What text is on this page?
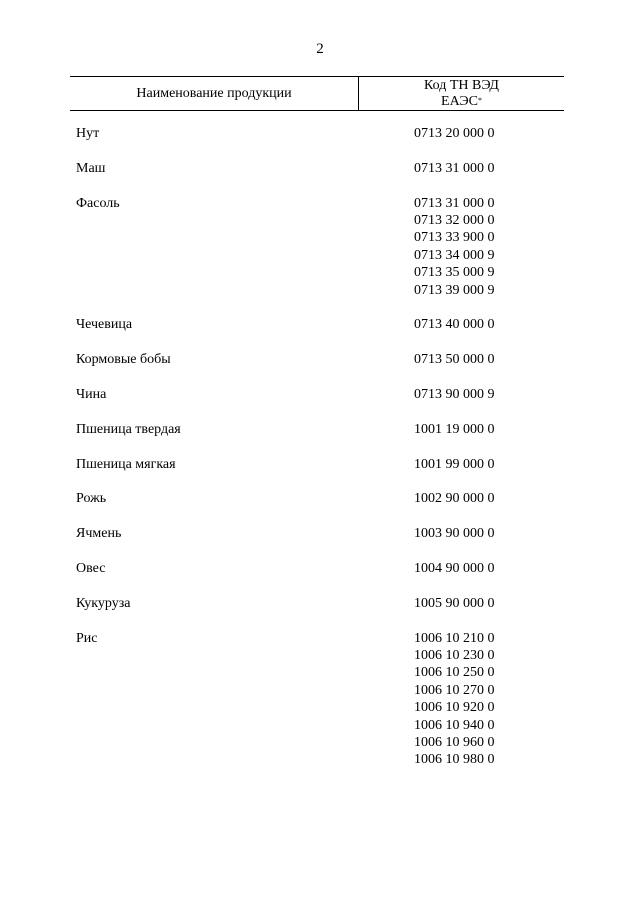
2
Наименование продукции
Код ТН ВЭД
ЕАЭС*
Нут	0713 20 000 0
Маш	0713 31 000 0
Фасоль	0713 31 000 0
0713 32 000 0
0713 33 900 0
0713 34 000 9
0713 35 000 9
0713 39 000 9
Чечевица	0713 40 000 0
Кормовые бобы	0713 50 000 0
Чина	0713 90 000 9
Пшеница твердая	1001 19 000 0
Пшеница мягкая	1001 99 000 0
Рожь	1002 90 000 0
Ячмень	1003 90 000 0
Овес	1004 90 000 0
Кукуруза	1005 90 000 0
Рис	1006 10 210 0
1006 10 230 0
1006 10 250 0
1006 10 270 0
1006 10 920 0
1006 10 940 0
1006 10 960 0
1006 10 980 0
